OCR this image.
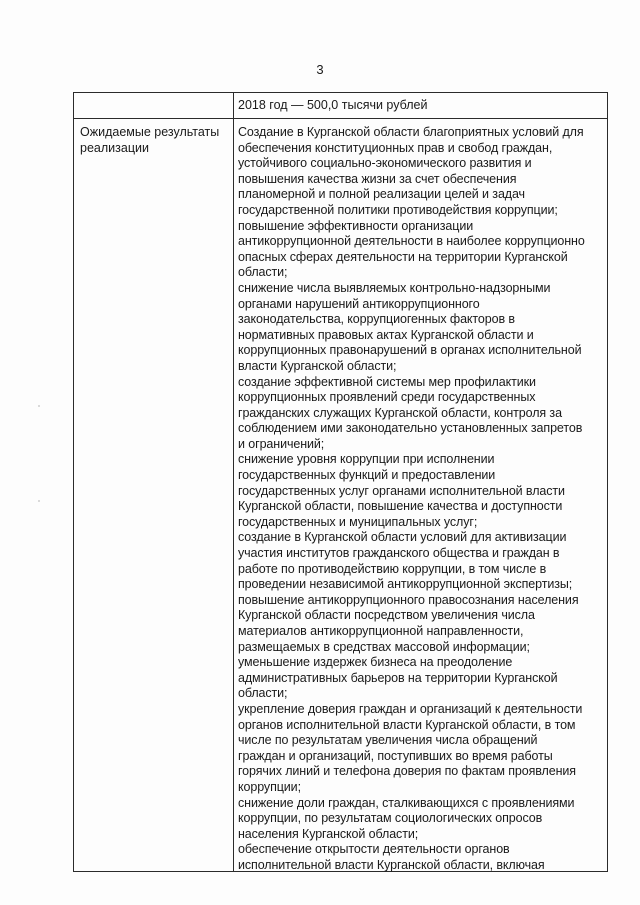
3
2018 год — 500,0 тысячи рублей
Ожидаемые результаты
реализации
Создание в Курганской области благоприятных условий для
обеспечения конституционных прав и свобод граждан,
устойчивого социально-экономического развития и
повышения качества жизни за счет обеспечения
планомерной и полной реализации целей и задач
государственной политики противодействия коррупции;
повышение эффективности организации
антикоррупционной деятельности в наиболее коррупционно
опасных сферах деятельности на территории Курганской
области;
снижение числа выявляемых контрольно-надзорными
органами нарушений антикоррупционного
законодательства, коррупциогенных факторов в
нормативных правовых актах Курганской области и
коррупционных правонарушений в органах исполнительной
власти Курганской области;
создание эффективной системы мер профилактики
коррупционных проявлений среди государственных
гражданских служащих Курганской области, контроля за
соблюдением ими законодательно установленных запретов
и ограничений;
снижение уровня коррупции при исполнении
государственных функций и предоставлении
государственных услуг органами исполнительной власти
Курганской области, повышение качества и доступности
государственных и муниципальных услуг;
создание в Курганской области условий для активизации
участия институтов гражданского общества и граждан в
работе по противодействию коррупции, в том числе в
проведении независимой антикоррупционной экспертизы;
повышение антикоррупционного правосознания населения
Курганской области посредством увеличения числа
материалов антикоррупционной направленности,
размещаемых в средствах массовой информации;
уменьшение издержек бизнеса на преодоление
административных барьеров на территории Курганской
области;
укрепление доверия граждан и организаций к деятельности
органов исполнительной власти Курганской области, в том
числе по результатам увеличения числа обращений
граждан и организаций, поступивших во время работы
горячих линий и телефона доверия по фактам проявления
коррупции;
снижение доли граждан, сталкивающихся с проявлениями
коррупции, по результатам социологических опросов
населения Курганской области;
обеспечение открытости деятельности органов
исполнительной власти Курганской области, включая
